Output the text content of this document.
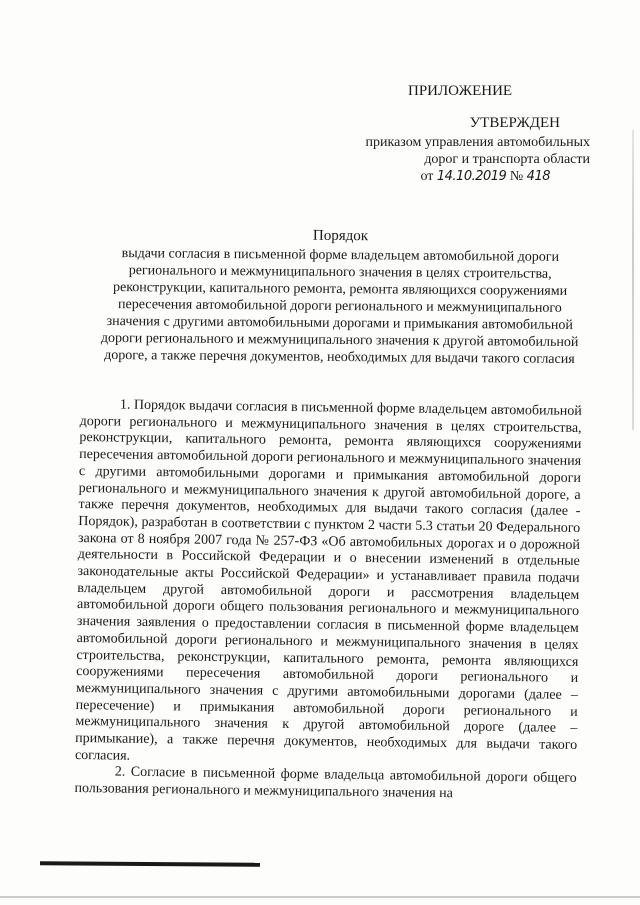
ПРИЛОЖЕНИЕ
УТВЕРЖДЕН
приказом управления автомобильных
дорог и транспорта области
от 14.10.2019 № 418
Порядок
выдачи согласия в письменной форме владельцем автомобильной дороги регионального и межмуниципального значения в целях строительства, реконструкции, капитального ремонта, ремонта являющихся сооружениями пересечения автомобильной дороги регионального и межмуниципального значения с другими автомобильными дорогами и примыкания автомобильной дороги регионального и межмуниципального значения к другой автомобильной дороге, а также перечня документов, необходимых для выдачи такого согласия

1. Порядок выдачи согласия в письменной форме владельцем автомобильной дороги регионального и межмуниципального значения в целях строительства, реконструкции, капитального ремонта, ремонта являющихся сооружениями пересечения автомобильной дороги регионального и межмуниципального значения с другими автомобильными дорогами и примыкания автомобильной дороги регионального и межмуниципального значения к другой автомобильной дороге, а также перечня документов, необходимых для выдачи такого согласия (далее - Порядок), разработан в соответствии с пунктом 2 части 5.3 статьи 20 Федерального закона от 8 ноября 2007 года № 257-ФЗ «Об автомобильных дорогах и о дорожной деятельности в Российской Федерации и о внесении изменений в отдельные законодательные акты Российской Федерации» и устанавливает правила подачи владельцем другой автомобильной дороги и рассмотрения владельцем автомобильной дороги общего пользования регионального и межмуниципального значения заявления о предоставлении согласия в письменной форме владельцем автомобильной дороги регионального и межмуниципального значения в целях строительства, реконструкции, капитального ремонта, ремонта являющихся сооружениями пересечения автомобильной дороги регионального и межмуниципального значения с другими автомобильными дорогами (далее – пересечение) и примыкания автомобильной дороги регионального и межмуниципального значения к другой автомобильной дороге (далее – примыкание), а также перечня документов, необходимых для выдачи такого согласия.

2. Согласие в письменной форме владельца автомобильной дороги общего пользования регионального и межмуниципального значения на
